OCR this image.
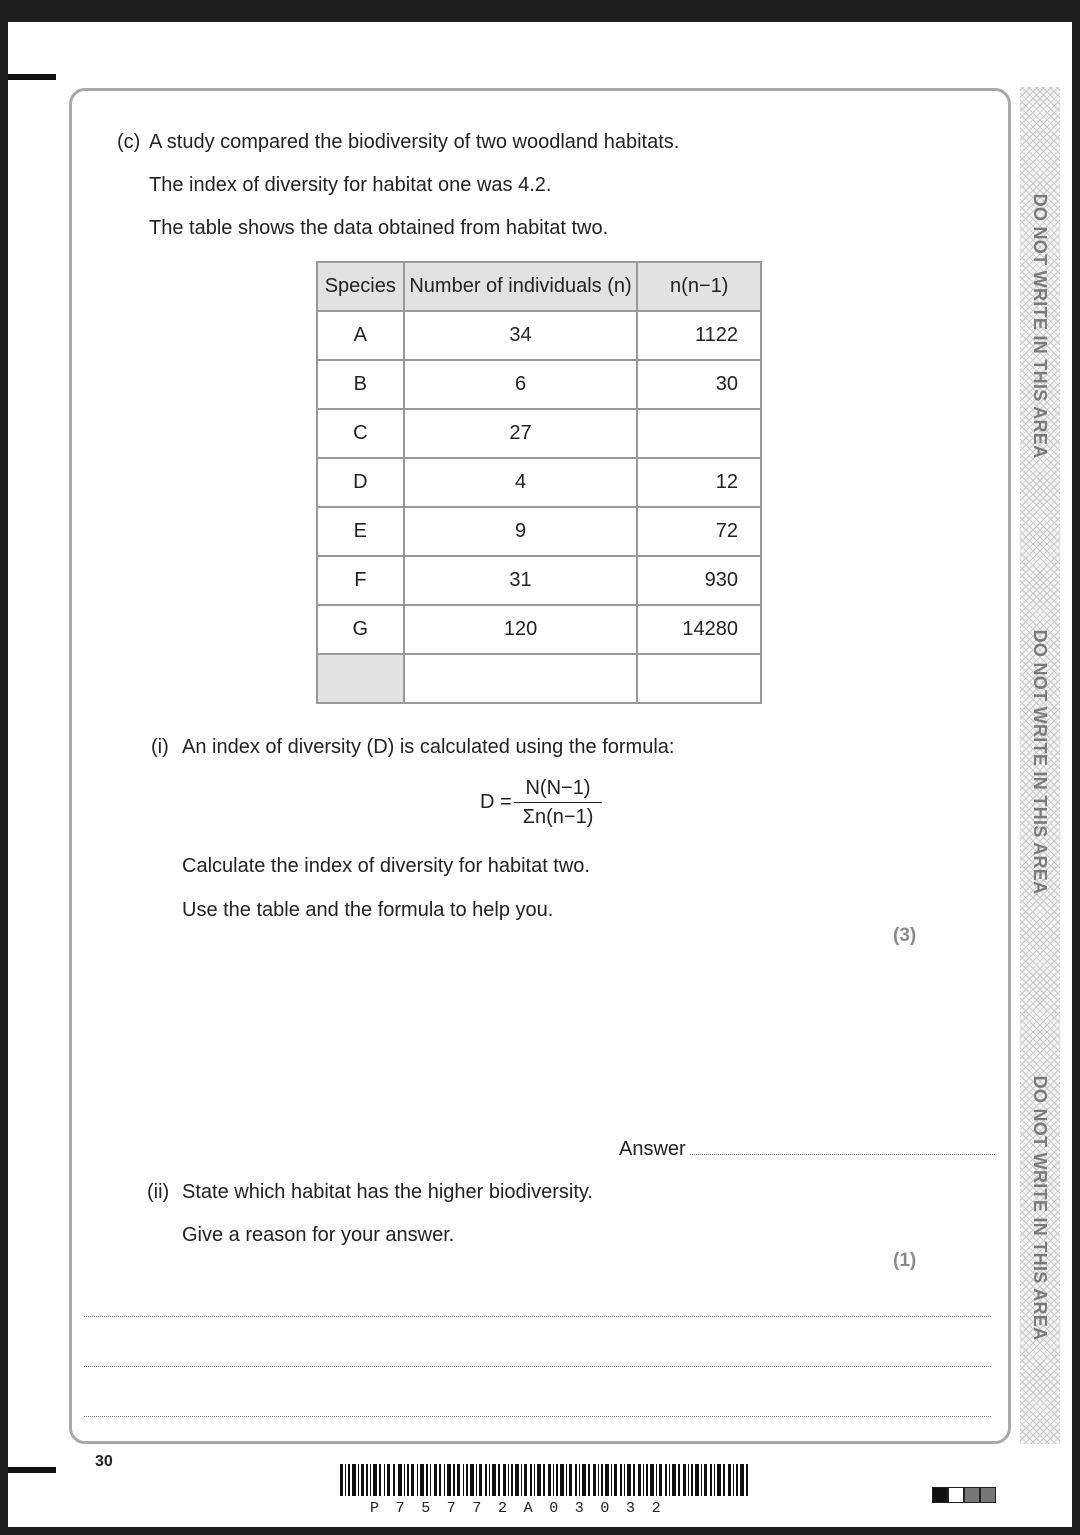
DO NOT WRITE IN THIS AREA
DO NOT WRITE IN THIS AREA
DO NOT WRITE IN THIS AREA
(c) A study compared the biodiversity of two woodland habitats.
The index of diversity for habitat one was 4.2.
The table shows the data obtained from habitat two.
Species	Number of individuals (n)	n(n−1)
A	34	1122
B	6	30
C	27	
D	4	12
E	9	72
F	31	930
G	120	14280

(i) An index of diversity (D) is calculated using the formula:
D =
N(N−1)
Σn(n−1)
Calculate the index of diversity for habitat two.
Use the table and the formula to help you.
(3)
Answer
(ii) State which habitat has the higher biodiversity.
Give a reason for your answer.
(1)
30
P75772A03032
